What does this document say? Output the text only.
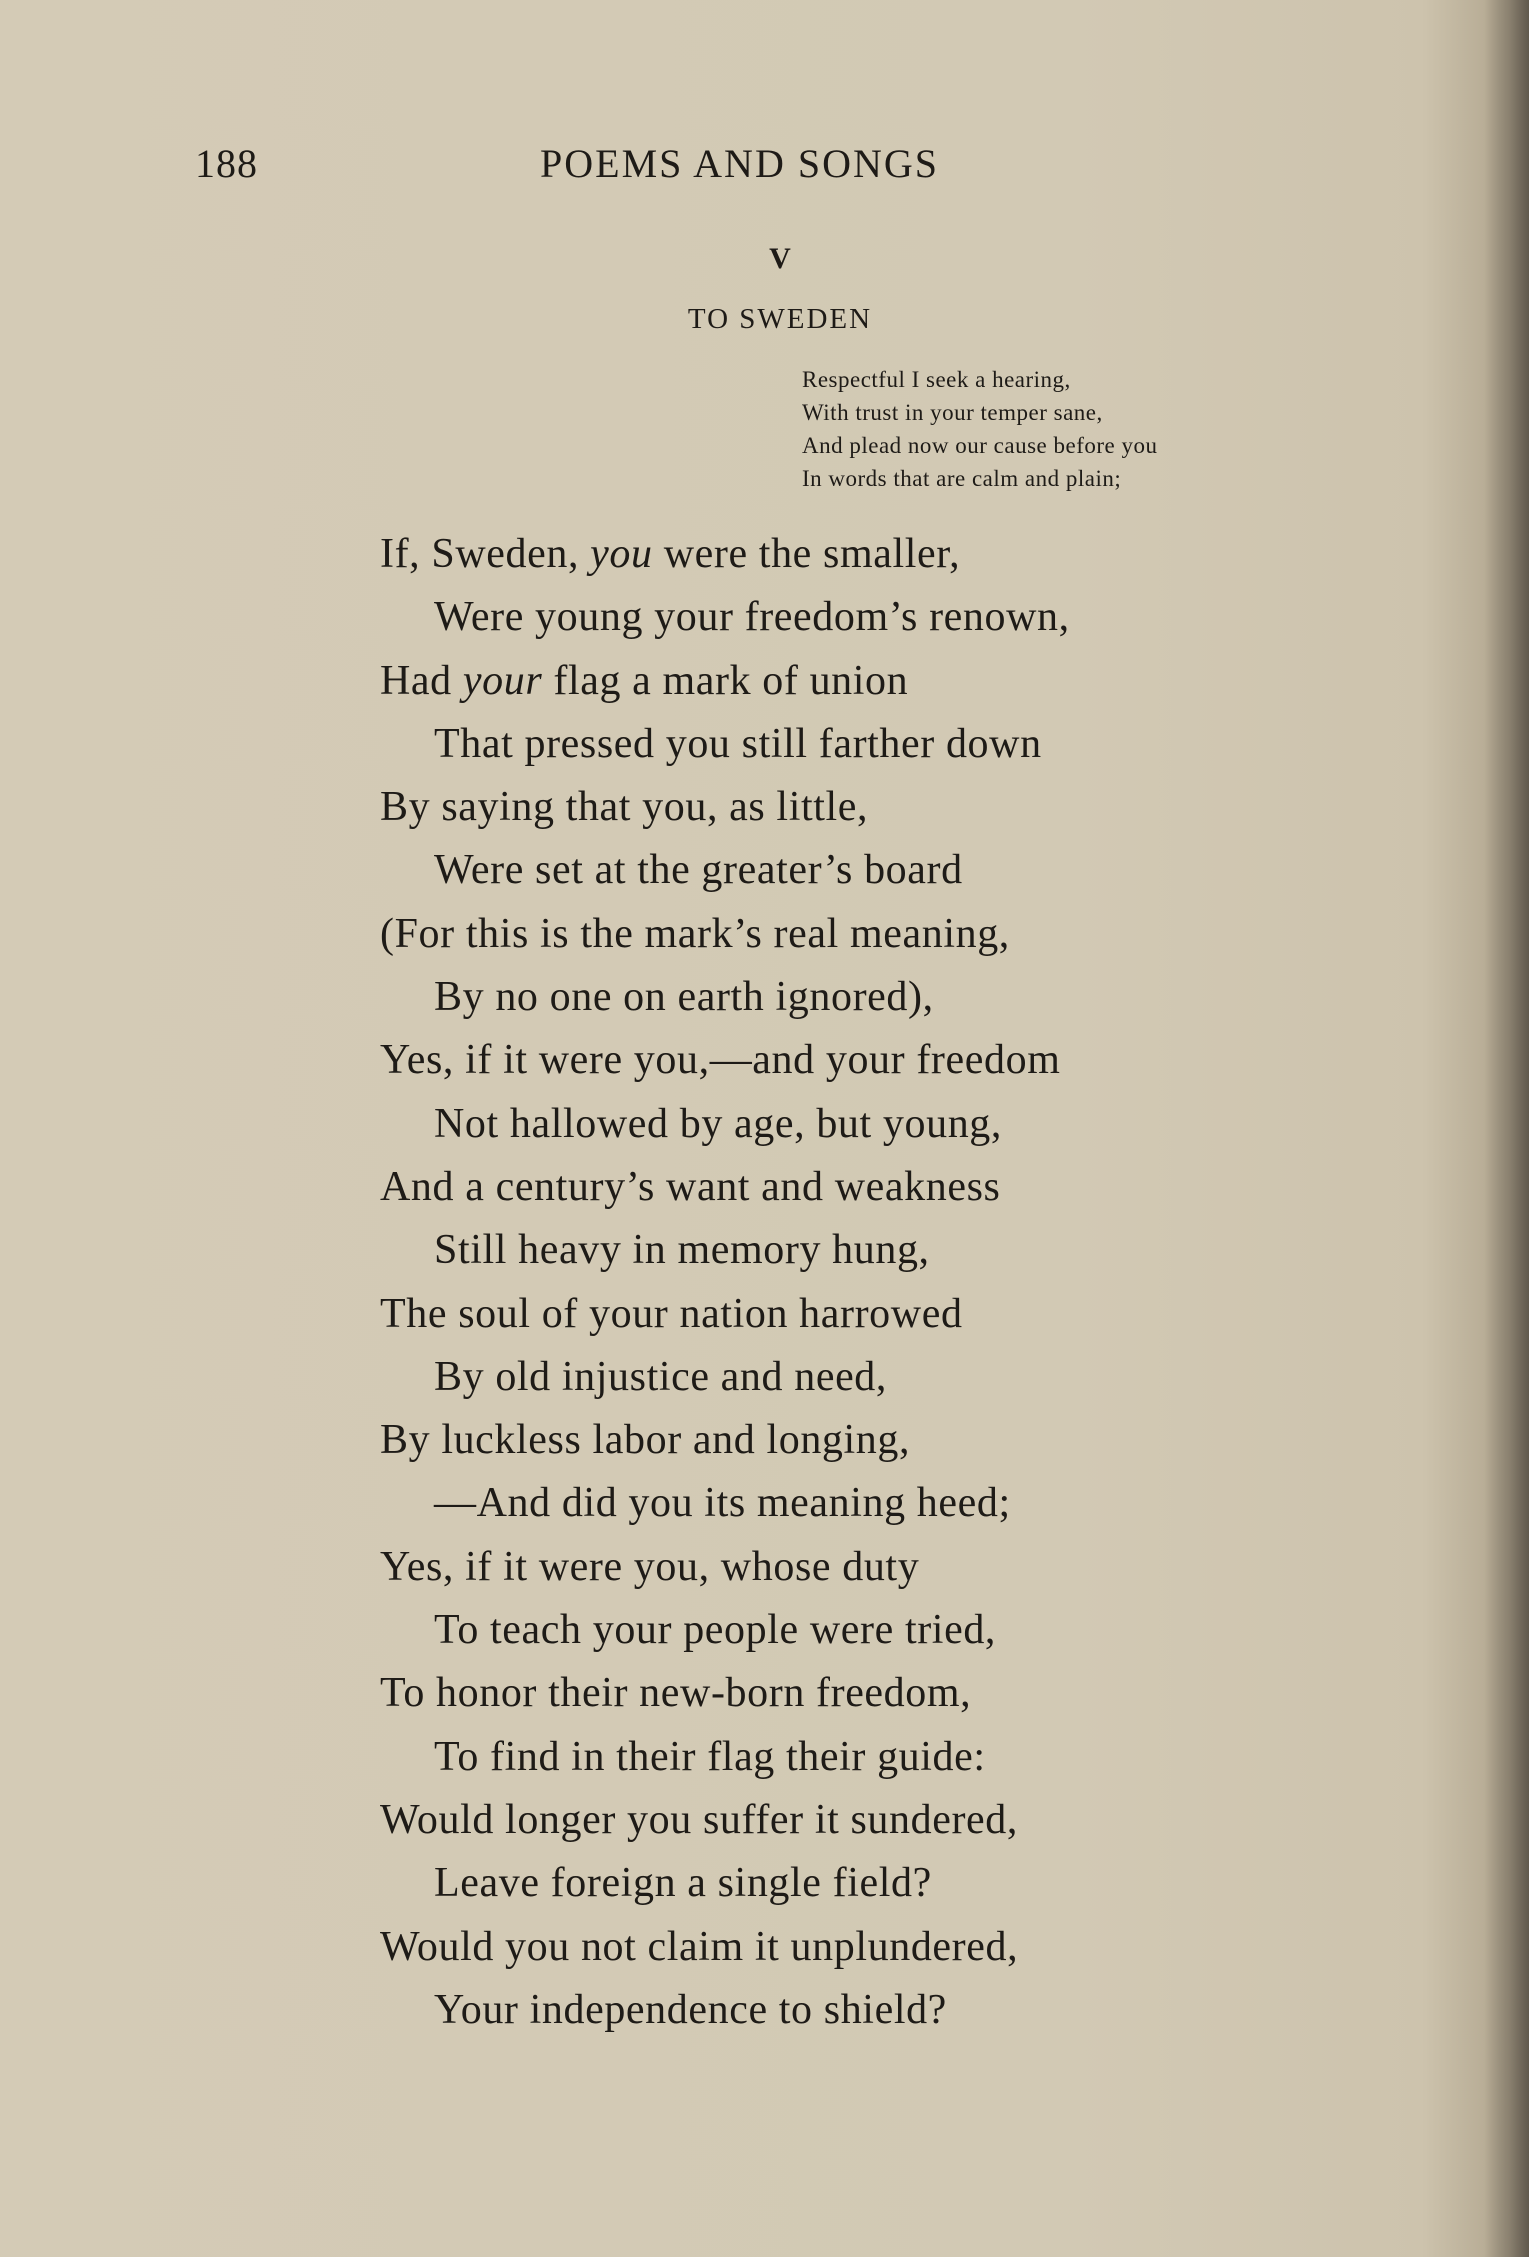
188	POEMS AND SONGS
V
TO SWEDEN
Respectful I seek a hearing,
With trust in your temper sane,
And plead now our cause before you
In words that are calm and plain;
If, Sweden, you were the smaller,
Were young your freedom’s renown,
Had your flag a mark of union
That pressed you still farther down
By saying that you, as little,
Were set at the greater’s board
(For this is the mark’s real meaning,
By no one on earth ignored),
Yes, if it were you,—and your freedom
Not hallowed by age, but young,
And a century’s want and weakness
Still heavy in memory hung,
The soul of your nation harrowed
By old injustice and need,
By luckless labor and longing,
—And did you its meaning heed;
Yes, if it were you, whose duty
To teach your people were tried,
To honor their new-born freedom,
To find in their flag their guide:
Would longer you suffer it sundered,
Leave foreign a single field?
Would you not claim it unplundered,
Your independence to shield?
